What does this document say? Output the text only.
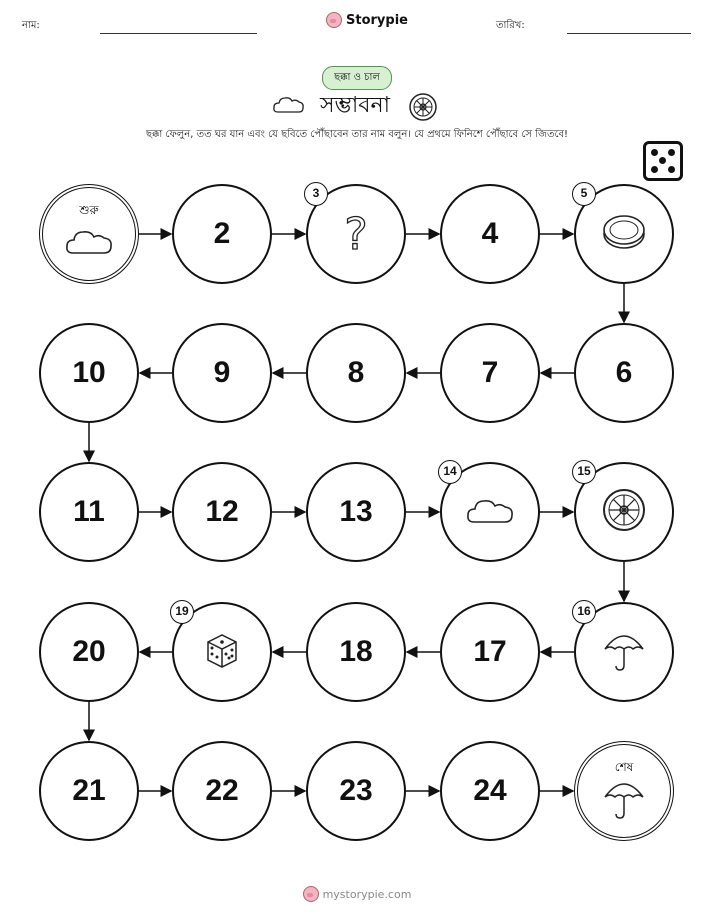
নাম:	Storypie	তারিখ:
ছক্কা ও চাল
সম্ভাবনা
ছক্কা ফেলুন, তত ঘর যান এবং যে ছবিতে পৌঁছাবেন তার নাম বলুন। যে প্রথমে ফিনিশে পৌঁছাবে সে জিতবে!
শুরু
2
3
?	4
5
6
7
8
9
10
11	12	13
14	15
16
17
18
19
20
21	22	23	24
শেষ
mystorypie.com
